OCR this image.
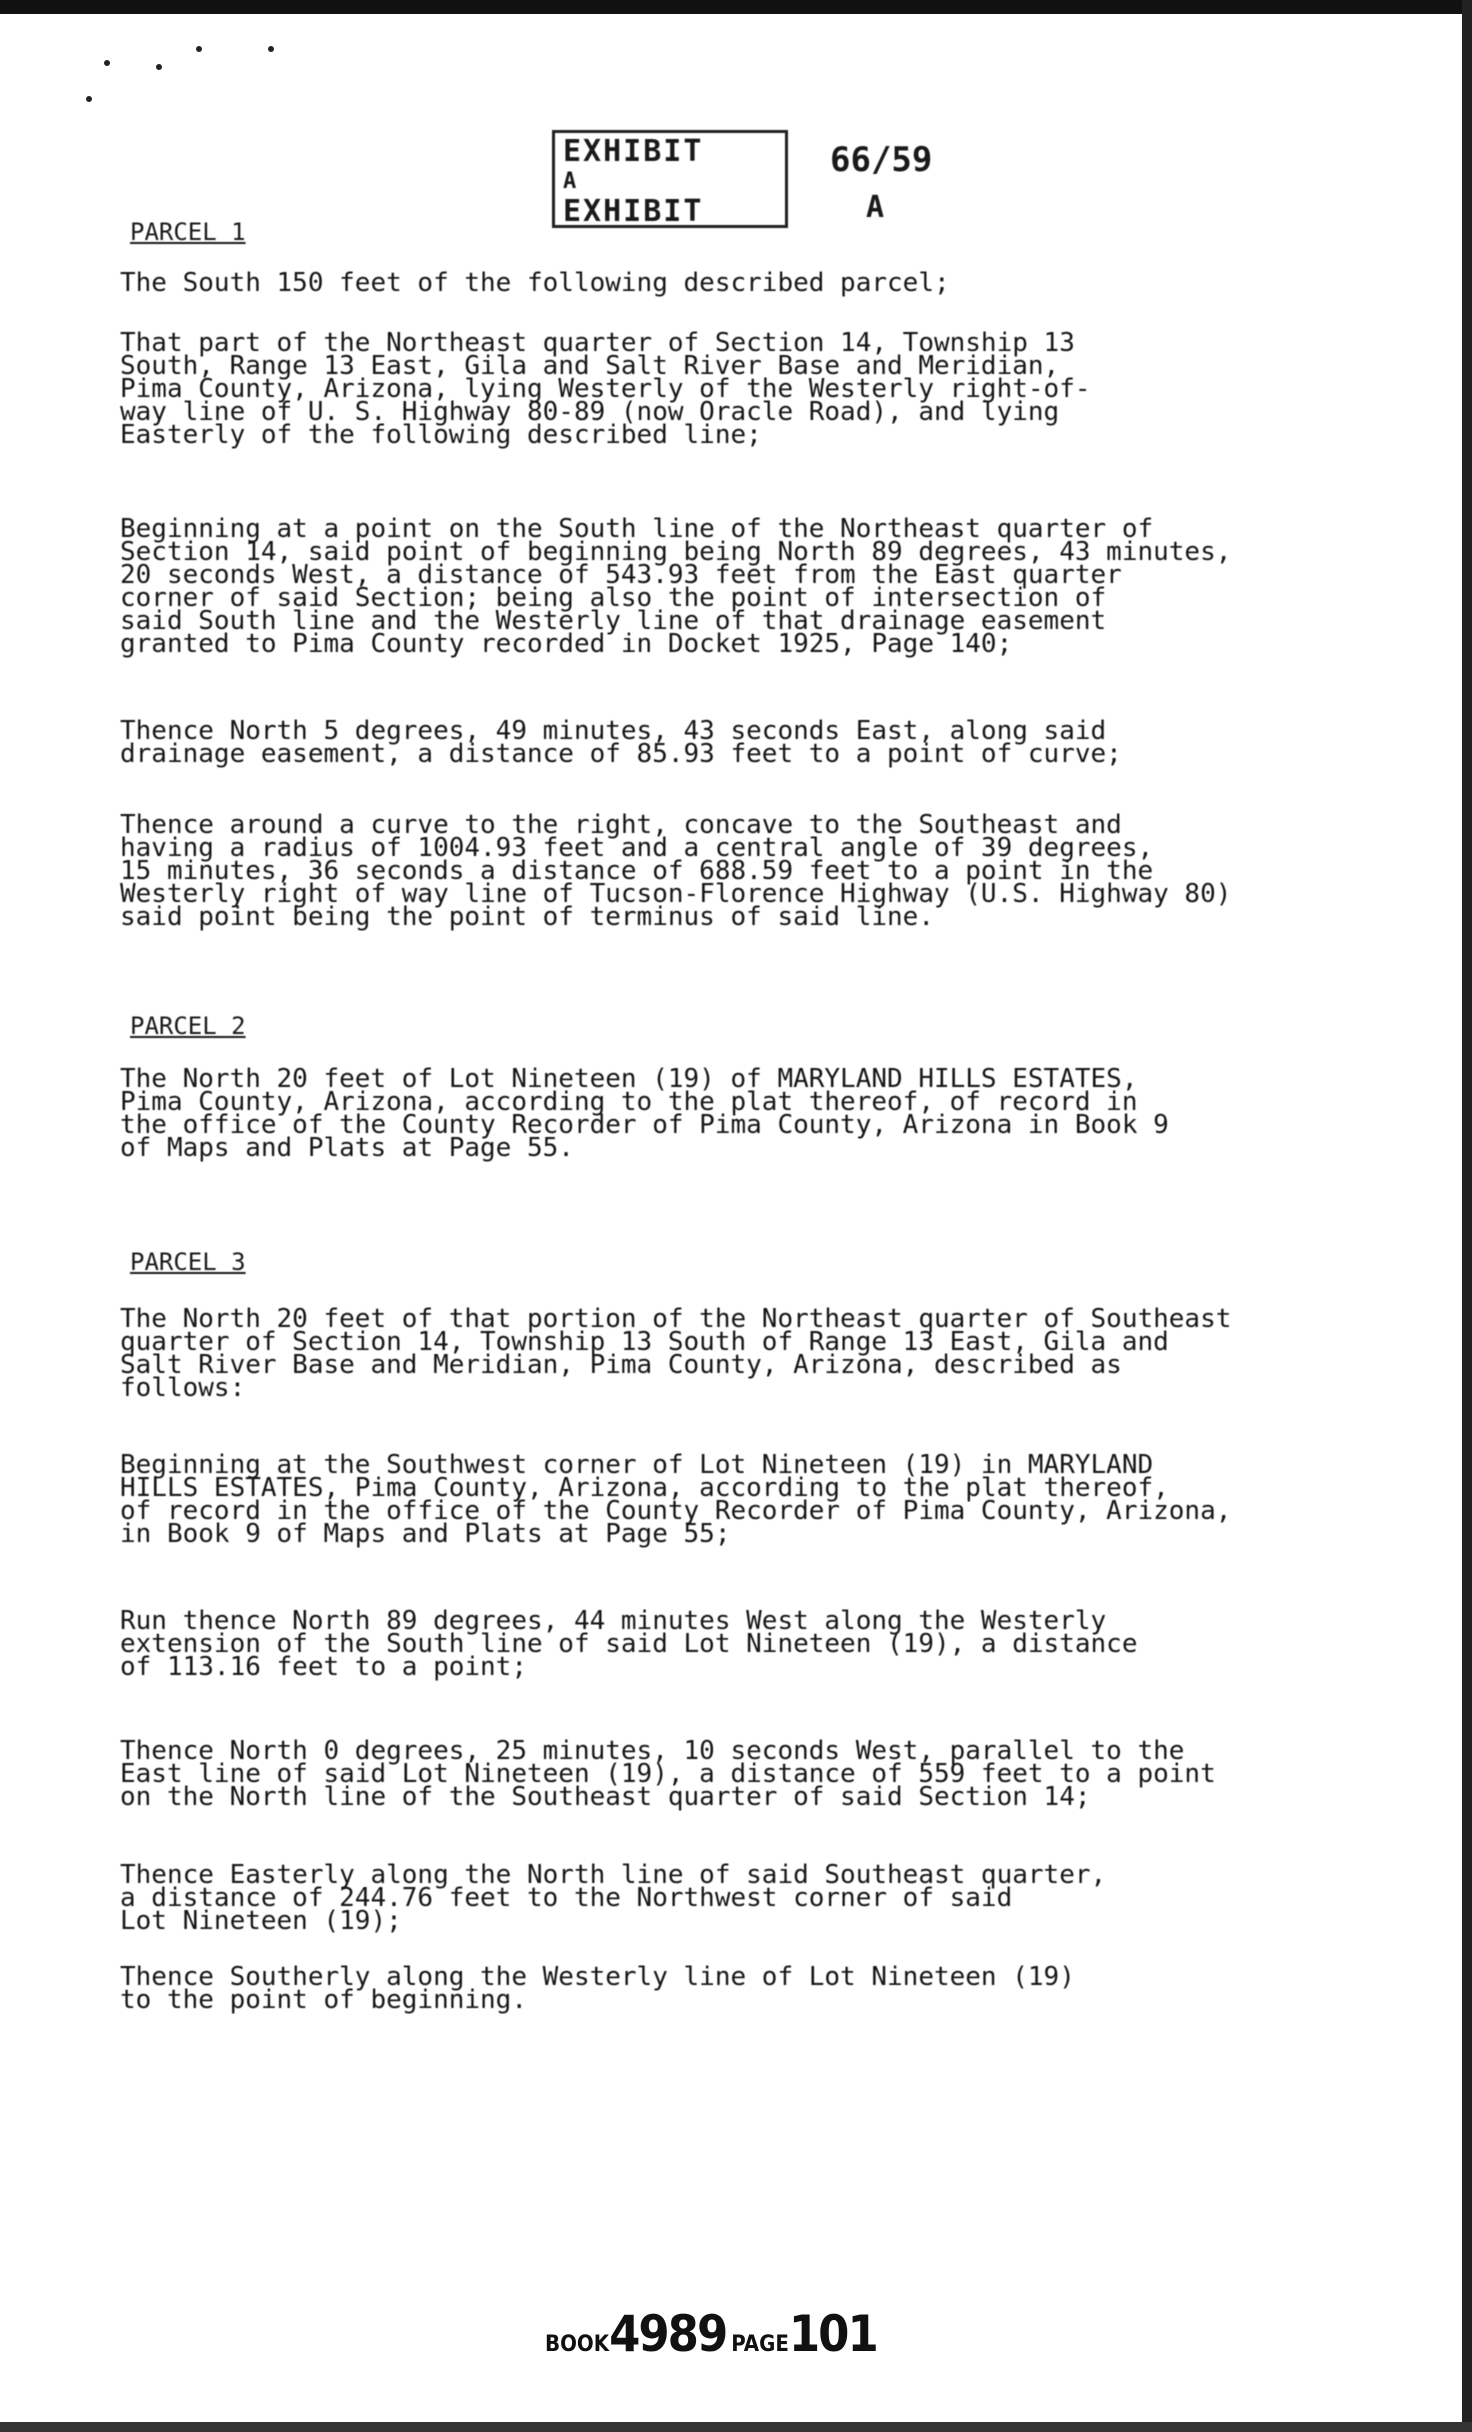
EXHIBIT
A
EXHIBIT
66/59
A
PARCEL 1
The South 150 feet of the following described parcel;
That part of the Northeast quarter of Section 14, Township 13
South, Range 13 East, Gila and Salt River Base and Meridian,
Pima County, Arizona, lying Westerly of the Westerly right-of-
way line of U. S. Highway 80-89 (now Oracle Road), and lying
Easterly of the following described line;
Beginning at a point on the South line of the Northeast quarter of
Section 14, said point of beginning being North 89 degrees, 43 minutes,
20 seconds West, a distance of 543.93 feet from the East quarter
corner of said Section; being also the point of intersection of
said South line and the Westerly line of that drainage easement
granted to Pima County recorded in Docket 1925, Page 140;
Thence North 5 degrees, 49 minutes, 43 seconds East, along said
drainage easement, a distance of 85.93 feet to a point of curve;
Thence around a curve to the right, concave to the Southeast and
having a radius of 1004.93 feet and a central angle of 39 degrees,
15 minutes, 36 seconds a distance of 688.59 feet to a point in the
Westerly right of way line of Tucson-Florence Highway (U.S. Highway 80)
said point being the point of terminus of said line.
PARCEL 2
The North 20 feet of Lot Nineteen (19) of MARYLAND HILLS ESTATES,
Pima County, Arizona, according to the plat thereof, of record in
the office of the County Recorder of Pima County, Arizona in Book 9
of Maps and Plats at Page 55.
PARCEL 3
The North 20 feet of that portion of the Northeast quarter of Southeast
quarter of Section 14, Township 13 South of Range 13 East, Gila and
Salt River Base and Meridian, Pima County, Arizona, described as
follows:
Beginning at the Southwest corner of Lot Nineteen (19) in MARYLAND
HILLS ESTATES, Pima County, Arizona, according to the plat thereof,
of record in the office of the County Recorder of Pima County, Arizona,
in Book 9 of Maps and Plats at Page 55;
Run thence North 89 degrees, 44 minutes West along the Westerly
extension of the South line of said Lot Nineteen (19), a distance
of 113.16 feet to a point;
Thence North 0 degrees, 25 minutes, 10 seconds West, parallel to the
East line of said Lot Nineteen (19), a distance of 559 feet to a point
on the North line of the Southeast quarter of said Section 14;
Thence Easterly along the North line of said Southeast quarter,
a distance of 244.76 feet to the Northwest corner of said
Lot Nineteen (19);
Thence Southerly along the Westerly line of Lot Nineteen (19)
to the point of beginning.
BOOK4989 PAGE101
